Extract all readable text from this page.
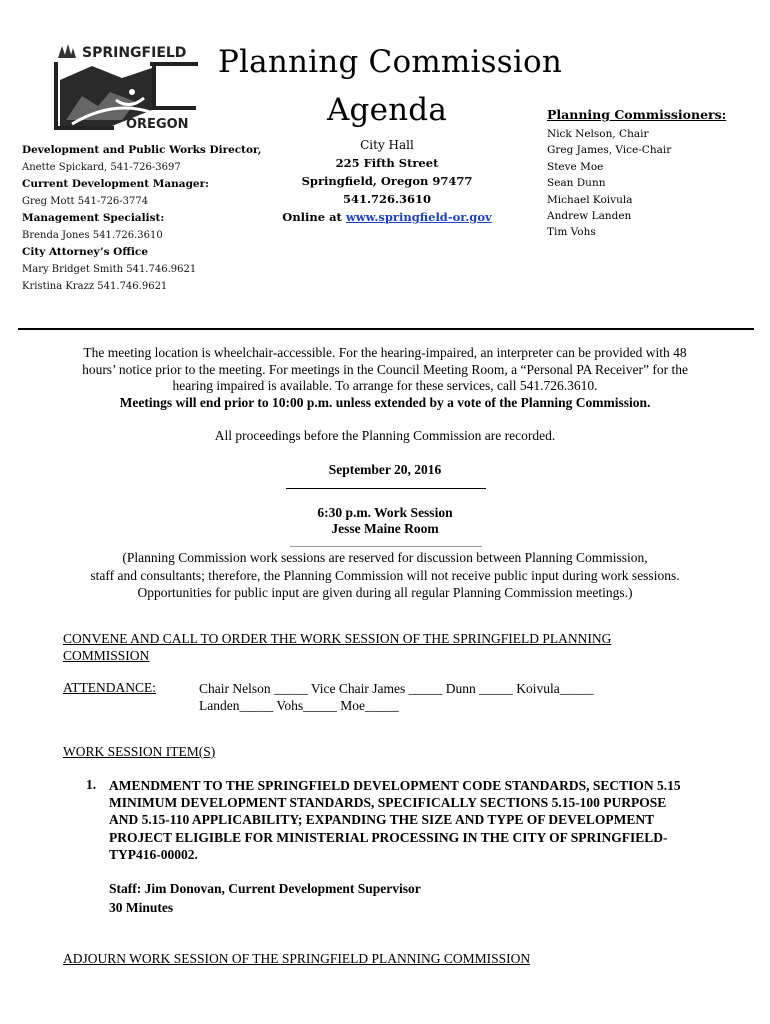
SPRINGFIELD
OREGON
Planning Commission
Agenda
Development and Public Works Director,
Anette Spickard, 541-726-3697
Current Development Manager:
Greg Mott 541-726-3774
Management Specialist:
Brenda Jones 541.726.3610
City Attorney’s Office
Mary Bridget Smith 541.746.9621
Kristina Krazz 541.746.9621
City Hall
225 Fifth Street
Springfield, Oregon 97477
541.726.3610
Online at www.springfield-or.gov
Planning Commissioners:
Nick Nelson, Chair
Greg James, Vice-Chair
Steve Moe
Sean Dunn
Michael Koivula
Andrew Landen
Tim Vohs
The meeting location is wheelchair-accessible. For the hearing-impaired, an interpreter can be provided with 48
hours’ notice prior to the meeting. For meetings in the Council Meeting Room, a “Personal PA Receiver” for the
hearing impaired is available. To arrange for these services, call 541.726.3610.
Meetings will end prior to 10:00 p.m. unless extended by a vote of the Planning Commission.
All proceedings before the Planning Commission are recorded.
September 20, 2016
6:30 p.m. Work Session
Jesse Maine Room
(Planning Commission work sessions are reserved for discussion between Planning Commission,
staff and consultants; therefore, the Planning Commission will not receive public input during work sessions.
Opportunities for public input are given during all regular Planning Commission meetings.)
CONVENE AND CALL TO ORDER THE WORK SESSION OF THE SPRINGFIELD PLANNING
COMMISSION
ATTENDANCE:	Chair Nelson _____ Vice Chair James _____ Dunn _____ Koivula_____
Landen_____ Vohs_____ Moe_____
WORK SESSION ITEM(S)
1. AMENDMENT TO THE SPRINGFIELD DEVELOPMENT CODE STANDARDS, SECTION 5.15
MINIMUM DEVELOPMENT STANDARDS, SPECIFICALLY SECTIONS 5.15-100 PURPOSE
AND 5.15-110 APPLICABILITY; EXPANDING THE SIZE AND TYPE OF DEVELOPMENT
PROJECT ELIGIBLE FOR MINISTERIAL PROCESSING IN THE CITY OF SPRINGFIELD-
TYP416-00002.
Staff: Jim Donovan, Current Development Supervisor
30 Minutes
ADJOURN WORK SESSION OF THE SPRINGFIELD PLANNING COMMISSION
